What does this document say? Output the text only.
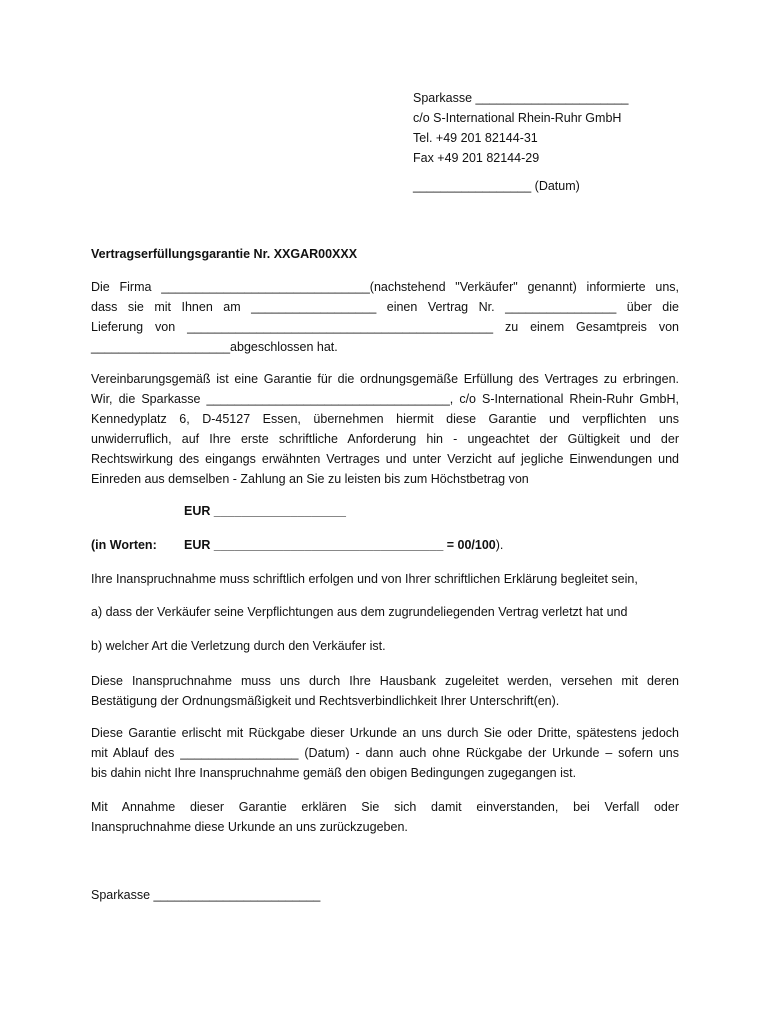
Sparkasse ______________________
c/o S-International Rhein-Ruhr GmbH
Tel. +49 201 82144-31
Fax +49 201 82144-29
_________________ (Datum)
Vertragserfüllungsgarantie Nr. XXGAR00XXX
Die Firma ______________________________(nachstehend "Verkäufer" genannt) informierte uns,
dass sie mit Ihnen am __________________ einen Vertrag Nr. ________________ über die
Lieferung von ____________________________________________ zu einem Gesamtpreis von
____________________abgeschlossen hat.
Vereinbarungsgemäß ist eine Garantie für die ordnungsgemäße Erfüllung des Vertrages zu erbringen.
Wir, die Sparkasse ___________________________________, c/o S-International Rhein-Ruhr GmbH,
Kennedyplatz 6, D-45127 Essen, übernehmen hiermit diese Garantie und verpflichten uns
unwiderruflich, auf Ihre erste schriftliche Anforderung hin - ungeachtet der Gültigkeit und der
Rechtswirkung des eingangs erwähnten Vertrages und unter Verzicht auf jegliche Einwendungen und
Einreden aus demselben - Zahlung an Sie zu leisten bis zum Höchstbetrag von
EUR ___________________
(in Worten: EUR _________________________________ = 00/100).
Ihre Inanspruchnahme muss schriftlich erfolgen und von Ihrer schriftlichen Erklärung begleitet sein,
a) dass der Verkäufer seine Verpflichtungen aus dem zugrundeliegenden Vertrag verletzt hat und
b) welcher Art die Verletzung durch den Verkäufer ist.
Diese Inanspruchnahme muss uns durch Ihre Hausbank zugeleitet werden, versehen mit deren
Bestätigung der Ordnungsmäßigkeit und Rechtsverbindlichkeit Ihrer Unterschrift(en).
Diese Garantie erlischt mit Rückgabe dieser Urkunde an uns durch Sie oder Dritte, spätestens jedoch
mit Ablauf des _________________ (Datum) - dann auch ohne Rückgabe der Urkunde – sofern uns
bis dahin nicht Ihre Inanspruchnahme gemäß den obigen Bedingungen zugegangen ist.
Mit Annahme dieser Garantie erklären Sie sich damit einverstanden, bei Verfall oder
Inanspruchnahme diese Urkunde an uns zurückzugeben.
Sparkasse ________________________
